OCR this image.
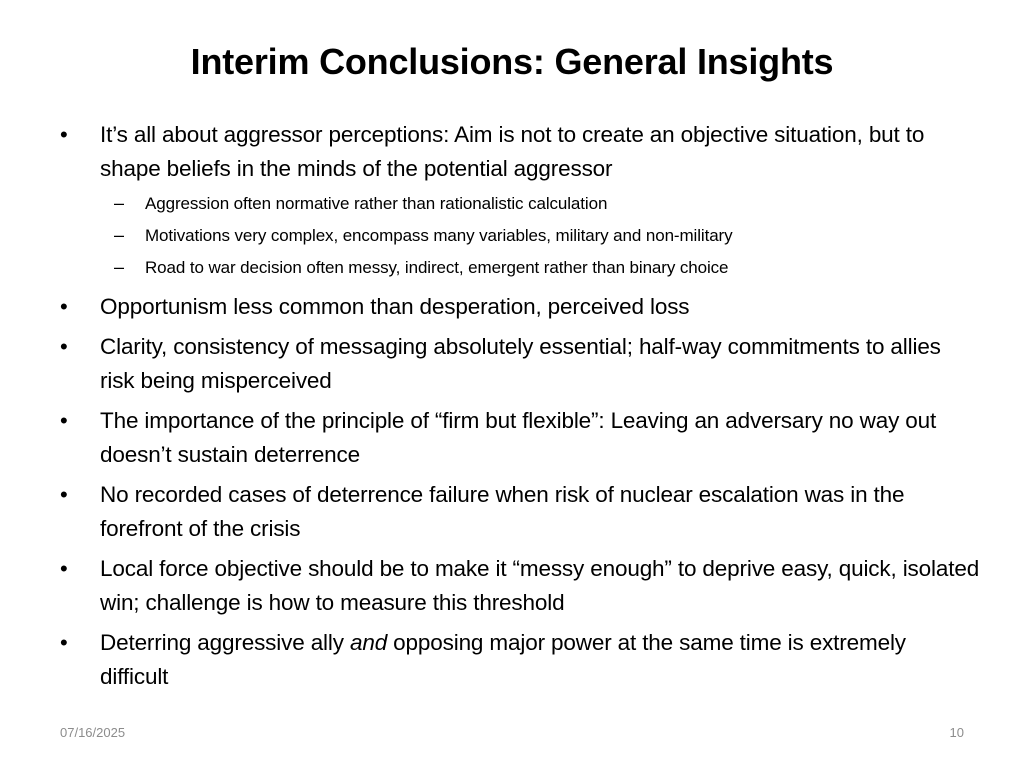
Interim Conclusions: General Insights
•	It’s all about aggressor perceptions: Aim is not to create an objective situation, but to shape beliefs in the minds of the potential aggressor
– Aggression often normative rather than rationalistic calculation
– Motivations very complex, encompass many variables, military and non-military
– Road to war decision often messy, indirect, emergent rather than binary choice
•	Opportunism less common than desperation, perceived loss
•	Clarity, consistency of messaging absolutely essential; half-way commitments to allies risk being misperceived
•	The importance of the principle of “firm but flexible”: Leaving an adversary no way out doesn’t sustain deterrence
•	No recorded cases of deterrence failure when risk of nuclear escalation was in the forefront of the crisis
•	Local force objective should be to make it “messy enough” to deprive easy, quick, isolated win; challenge is how to measure this threshold
•	Deterring aggressive ally and opposing major power at the same time is extremely difficult
07/16/2025	10
